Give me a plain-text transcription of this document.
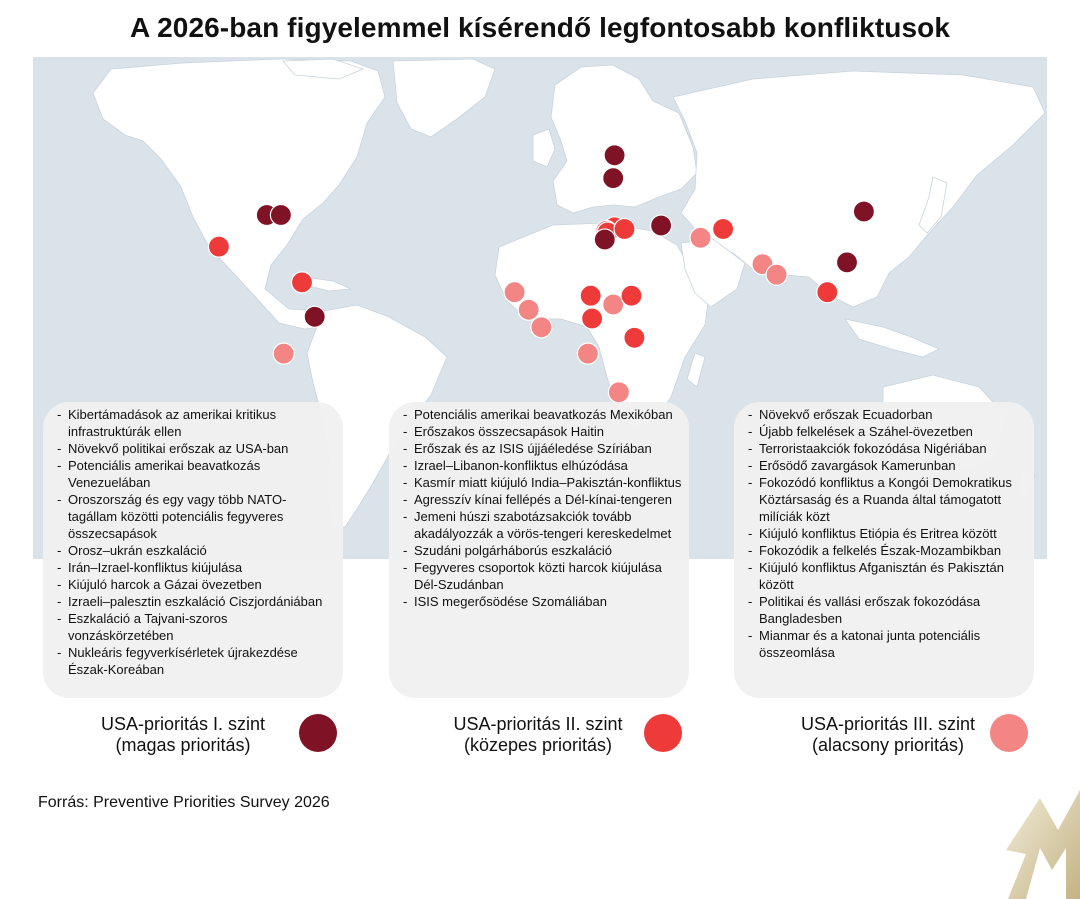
A 2026-ban figyelemmel kísérendő legfontosabb konfliktusok
- Kibertámadások az amerikai kritikus infrastruktúrák ellen
- Növekvő politikai erőszak az USA-ban
- Potenciális amerikai beavatkozás Venezuelában
- Oroszország és egy vagy több NATO-tagállam közötti potenciális fegyveres összecsapások
- Orosz–ukrán eszkaláció
- Irán–Izrael-konfliktus kiújulása
- Kiújuló harcok a Gázai övezetben
- Izraeli–palesztin eszkaláció Ciszjordániában
- Eszkaláció a Tajvani-szoros vonzáskörzetében
- Nukleáris fegyverkísérletek újrakezdése Észak-Koreában
- Potenciális amerikai beavatkozás Mexikóban
- Erőszakos összecsapások Haitin
- Erőszak és az ISIS újjáéledése Szíriában
- Izrael–Libanon-konfliktus elhúzódása
- Kasmír miatt kiújuló India–Pakisztán-konfliktus
- Agresszív kínai fellépés a Dél-kínai-tengeren
- Jemeni húszi szabotázsakciók tovább akadályozzák a vörös-tengeri kereskedelmet
- Szudáni polgárháborús eszkaláció
- Fegyveres csoportok közti harcok kiújulása Dél-Szudánban
- ISIS megerősödése Szomáliában
- Növekvő erőszak Ecuadorban
- Újabb felkelések a Száhel-övezetben
- Terroristaakciók fokozódása Nigériában
- Erősödő zavargások Kamerunban
- Fokozódó konfliktus a Kongói Demokratikus Köztársaság és a Ruanda által támogatott milíciák közt
- Kiújuló konfliktus Etiópia és Eritrea között
- Fokozódik a felkelés Észak-Mozambikban
- Kiújuló konfliktus Afganisztán és Pakisztán között
- Politikai és vallási erőszak fokozódása Bangladesben
- Mianmar és a katonai junta potenciális összeomlása
USA-prioritás I. szint
(magas prioritás)
USA-prioritás II. szint
(közepes prioritás)
USA-prioritás III. szint
(alacsony prioritás)
Forrás: Preventive Priorities Survey 2026
